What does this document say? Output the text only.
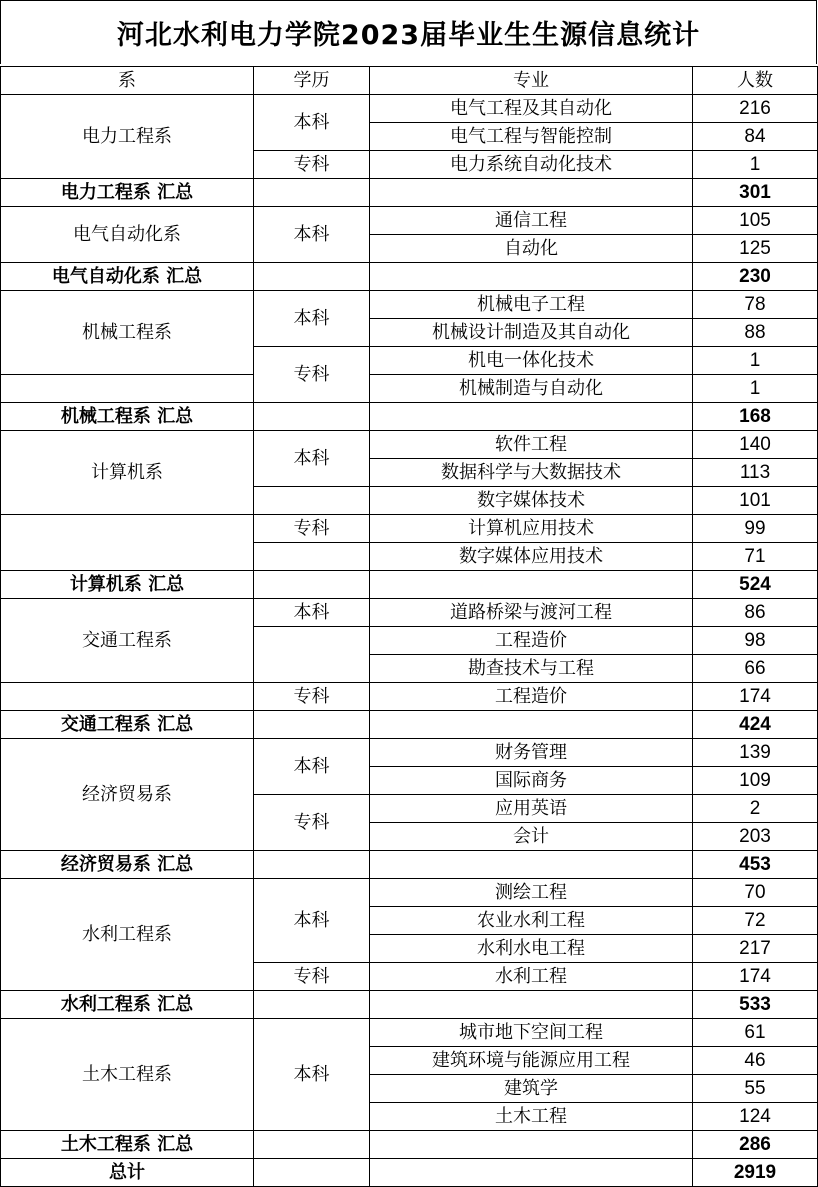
河北水利电力学院2023届毕业生生源信息统计
系	学历	专业	人数
电力工程系	本科	电气工程及其自动化	216
		电气工程与智能控制	84
	专科	电力系统自动化技术	1
电力工程系 汇总			301
电气自动化系	本科	通信工程	105
		自动化	125
电气自动化系 汇总			230
机械工程系	本科	机械电子工程	78
		机械设计制造及其自动化	88
	专科	机电一体化技术	1
		机械制造与自动化	1
机械工程系 汇总			168
计算机系	本科	软件工程	140
		数据科学与大数据技术	113
		数字媒体技术	101
	专科	计算机应用技术	99
		数字媒体应用技术	71
计算机系 汇总			524
交通工程系	本科	道路桥梁与渡河工程	86
		工程造价	98
		勘查技术与工程	66
	专科	工程造价	174
交通工程系 汇总			424
经济贸易系	本科	财务管理	139
		国际商务	109
	专科	应用英语	2
		会计	203
经济贸易系 汇总			453
水利工程系	本科	测绘工程	70
		农业水利工程	72
		水利水电工程	217
	专科	水利工程	174
水利工程系 汇总			533
土木工程系	本科	城市地下空间工程	61
		建筑环境与能源应用工程	46
		建筑学	55
		土木工程	124
土木工程系 汇总			286
总计			2919
